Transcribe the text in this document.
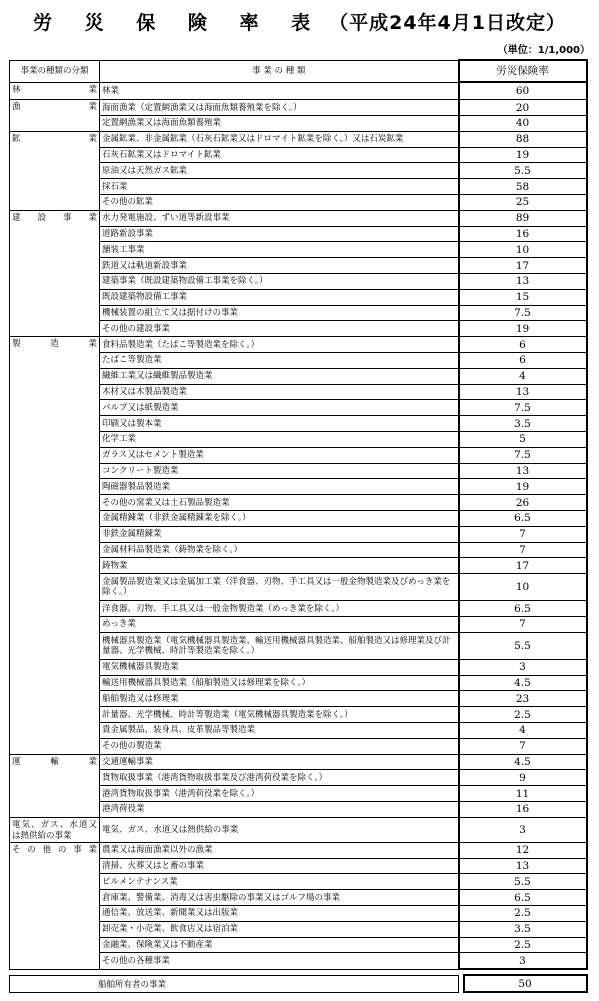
労 災 保 険 率 表 （平成24年4月1日改定）
（単位：1/1,000）
事業の種類の分類	事 業 の 種 類	労災保険率

林 業	林業	60

漁 業	海面漁業（定置網漁業又は海面魚類養殖業を除く。）	20
	定置網漁業又は海面魚類養殖業	40

鉱 業	金属鉱業、非金属鉱業（石灰石鉱業又はドロマイト鉱業を除く。）又は石炭鉱業	88
	石灰石鉱業又はドロマイト鉱業	19
	原油又は天然ガス鉱業	5.5
	採石業	58
	その他の鉱業	25

建 設 事 業	水力発電施設、ずい道等新設事業	89
	道路新設事業	16
	舗装工事業	10
	鉄道又は軌道新設事業	17
	建築事業（既設建築物設備工事業を除く。）	13
	既設建築物設備工事業	15
	機械装置の組立て又は据付けの事業	7.5
	その他の建設事業	19

製 造 業	食料品製造業（たばこ等製造業を除く。）	6
	たばこ等製造業	6
	繊維工業又は繊維製品製造業	4
	木材又は木製品製造業	13
	パルプ又は紙製造業	7.5
	印刷又は製本業	3.5
	化学工業	5
	ガラス又はセメント製造業	7.5
	コンクリート製造業	13
	陶磁器製品製造業	19
	その他の窯業又は土石製品製造業	26
	金属精錬業（非鉄金属精錬業を除く。）	6.5
	非鉄金属精錬業	7
	金属材料品製造業（鋳物業を除く。）	7
	鋳物業	17
	金属製品製造業又は金属加工業（洋食器、刃物、手工具又は一般金物製造業及びめっき業を除く。）	10
	洋食器、刃物、手工具又は一般金物製造業（めっき業を除く。）	6.5
	めっき業	7
	機械器具製造業（電気機械器具製造業、輸送用機械器具製造業、船舶製造又は修理業及び計量器、光学機械、時計等製造業を除く。）	5.5
	電気機械器具製造業	3
	輸送用機械器具製造業（船舶製造又は修理業を除く。）	4.5
	船舶製造又は修理業	23
	計量器、光学機械、時計等製造業（電気機械器具製造業を除く。）	2.5
	貴金属製品、装身具、皮革製品等製造業	4
	その他の製造業	7

運 輸 業	交通運輸事業	4.5
	貨物取扱事業（港湾貨物取扱事業及び港湾荷役業を除く。）	9
	港湾貨物取扱事業（港湾荷役業を除く。）	11
	港湾荷役業	16

電気、ガス、水道又は熱供給の事業	電気、ガス、水道又は熱供給の事業	3

そ の 他 の 事 業	農業又は海面漁業以外の漁業	12
	清掃、火葬又はと畜の事業	13
	ビルメンテナンス業	5.5
	倉庫業、警備業、消毒又は害虫駆除の事業又はゴルフ場の事業	6.5
	通信業、放送業、新聞業又は出版業	2.5
	卸売業・小売業、飲食店又は宿泊業	3.5
	金融業、保険業又は不動産業	2.5
	その他の各種事業	3
船舶所有者の事業		50
